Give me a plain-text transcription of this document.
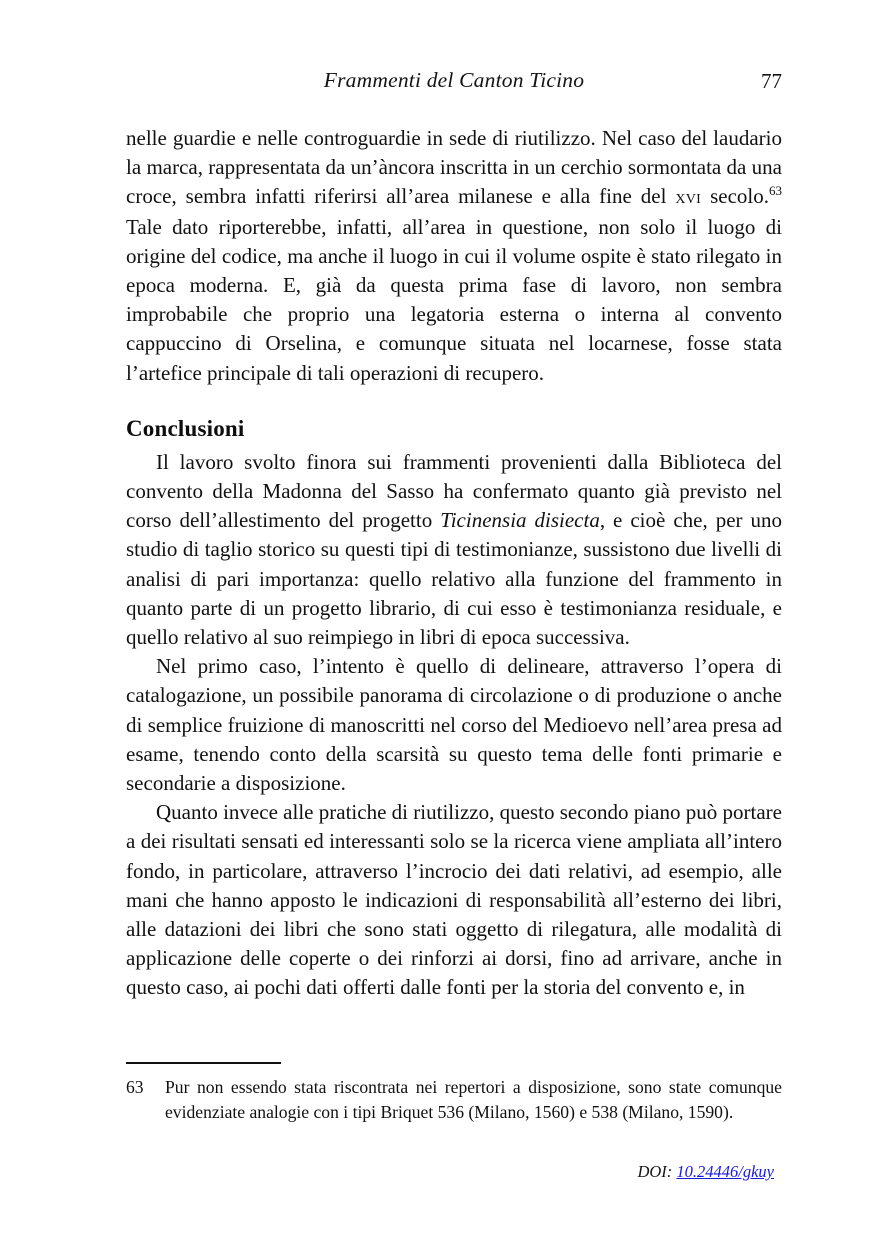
Frammenti del Canton Ticino	77

nelle guardie e nelle controguardie in sede di riutilizzo. Nel caso del laudario la marca, rappresentata da un’àncora inscritta in un cerchio sormontata da una croce, sembra infatti riferirsi all’area milanese e alla fine del xvi secolo.$^{63}$ Tale dato riporterebbe, infatti, all’area in questione, non solo il luogo di origine del codice, ma anche il luogo in cui il volume ospite è stato rilegato in epoca moderna. E, già da questa prima fase di lavoro, non sembra improbabile che proprio una legatoria esterna o interna al convento cappuccino di Orselina, e comunque situata nel locarnese, fosse stata l’artefice principale di tali operazioni di recupero.

Conclusioni

Il lavoro svolto finora sui frammenti provenienti dalla Biblioteca del convento della Madonna del Sasso ha confermato quanto già previsto nel corso dell’allestimento del progetto Ticinensia disiecta, e cioè che, per uno studio di taglio storico su questi tipi di testimonianze, sussistono due livelli di analisi di pari importanza: quello relativo alla funzione del frammento in quanto parte di un progetto librario, di cui esso è testimonianza residuale, e quello relativo al suo reimpiego in libri di epoca successiva.

Nel primo caso, l’intento è quello di delineare, attraverso l’opera di catalogazione, un possibile panorama di circolazione o di produzione o anche di semplice fruizione di manoscritti nel corso del Medioevo nell’area presa ad esame, tenendo conto della scarsità su questo tema delle fonti primarie e secondarie a disposizione.

Quanto invece alle pratiche di riutilizzo, questo secondo piano può portare a dei risultati sensati ed interessanti solo se la ricerca viene ampliata all’intero fondo, in particolare, attraverso l’incrocio dei dati relativi, ad esempio, alle mani che hanno apposto le indicazioni di responsabilità all’esterno dei libri, alle datazioni dei libri che sono stati oggetto di rilegatura, alle modalità di applicazione delle coperte o dei rinforzi ai dorsi, fino ad arrivare, anche in questo caso, ai pochi dati offerti dalle fonti per la storia del convento e, in

63	Pur non essendo stata riscontrata nei repertori a disposizione, sono state comunque evidenziate analogie con i tipi Briquet 536 (Milano, 1560) e 538 (Milano, 1590).
DOI: 10.24446/gkuy
